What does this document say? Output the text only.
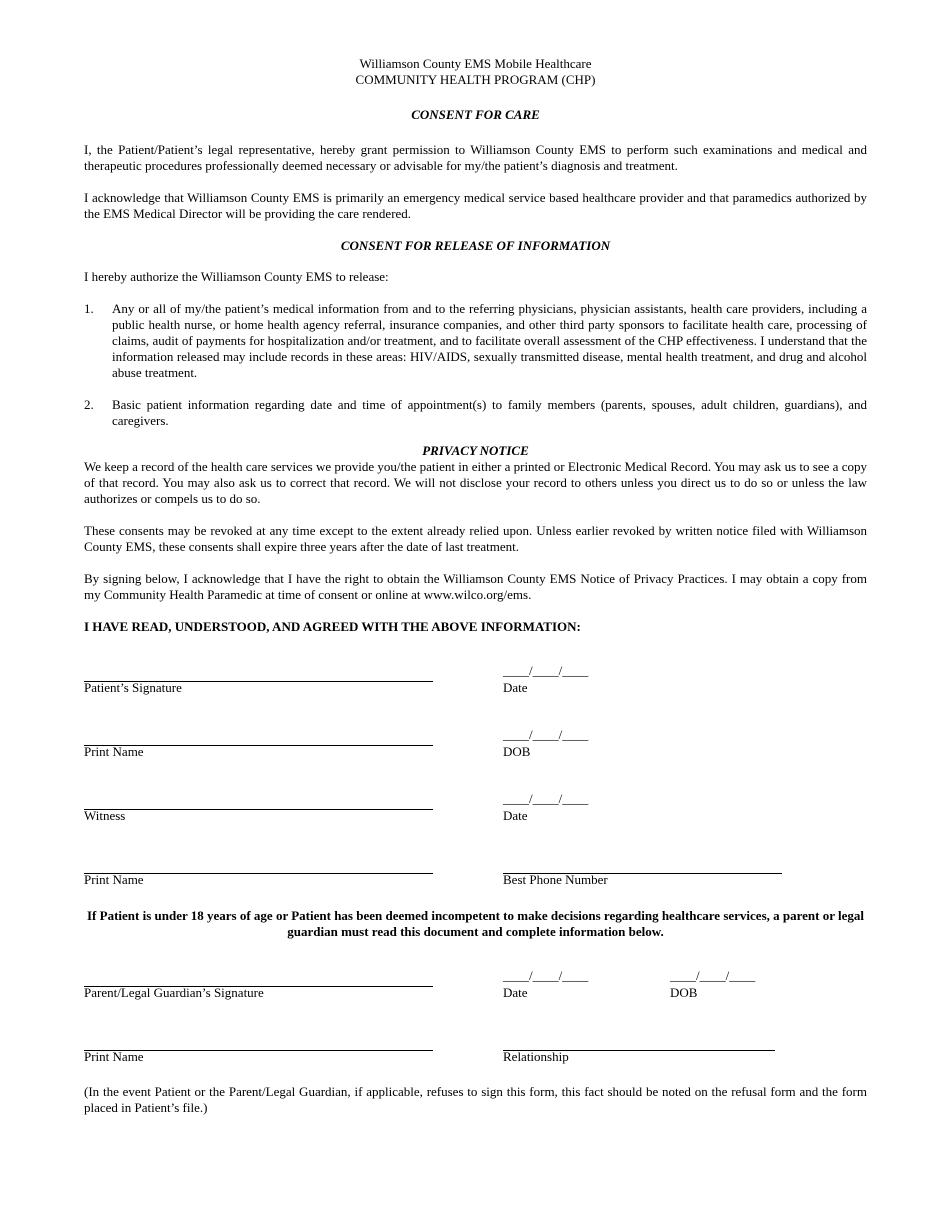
Williamson County EMS Mobile Healthcare

COMMUNITY HEALTH PROGRAM (CHP)

CONSENT FOR CARE

I, the Patient/Patient’s legal representative, hereby grant permission to Williamson County EMS to perform such examinations and medical and therapeutic procedures professionally deemed necessary or advisable for my/the patient’s diagnosis and treatment.

I acknowledge that Williamson County EMS is primarily an emergency medical service based healthcare provider and that paramedics authorized by the EMS Medical Director will be providing the care rendered.

CONSENT FOR RELEASE OF INFORMATION

I hereby authorize the Williamson County EMS to release:

1. Any or all of my/the patient’s medical information from and to the referring physicians, physician assistants, health care providers, including a public health nurse, or home health agency referral, insurance companies, and other third party sponsors to facilitate health care, processing of claims, audit of payments for hospitalization and/or treatment, and to facilitate overall assessment of the CHP effectiveness. I understand that the information released may include records in these areas: HIV/AIDS, sexually transmitted disease, mental health treatment, and drug and alcohol abuse treatment.
2. Basic patient information regarding date and time of appointment(s) to family members (parents, spouses, adult children, guardians), and caregivers.

PRIVACY NOTICE

We keep a record of the health care services we provide you/the patient in either a printed or Electronic Medical Record. You may ask us to see a copy of that record. You may also ask us to correct that record. We will not disclose your record to others unless you direct us to do so or unless the law authorizes or compels us to do so.

These consents may be revoked at any time except to the extent already relied upon. Unless earlier revoked by written notice filed with Williamson County EMS, these consents shall expire three years after the date of last treatment.

By signing below, I acknowledge that I have the right to obtain the Williamson County EMS Notice of Privacy Practices. I may obtain a copy from my Community Health Paramedic at time of consent or online at www.wilco.org/ems.

I HAVE READ, UNDERSTOOD, AND AGREED WITH THE ABOVE INFORMATION:

Patient’s Signature
____/____/____
Date
Print Name
____/____/____
DOB
Witness
____/____/____
Date
Print Name	Best Phone Number

If Patient is under 18 years of age or Patient has been deemed incompetent to make decisions regarding healthcare services, a parent or legal guardian must read this document and complete information below.

Parent/Legal Guardian’s Signature
____/____/____
Date
____/____/____
DOB
Print Name	Relationship

(In the event Patient or the Parent/Legal Guardian, if applicable, refuses to sign this form, this fact should be noted on the refusal form and the form placed in Patient’s file.)
